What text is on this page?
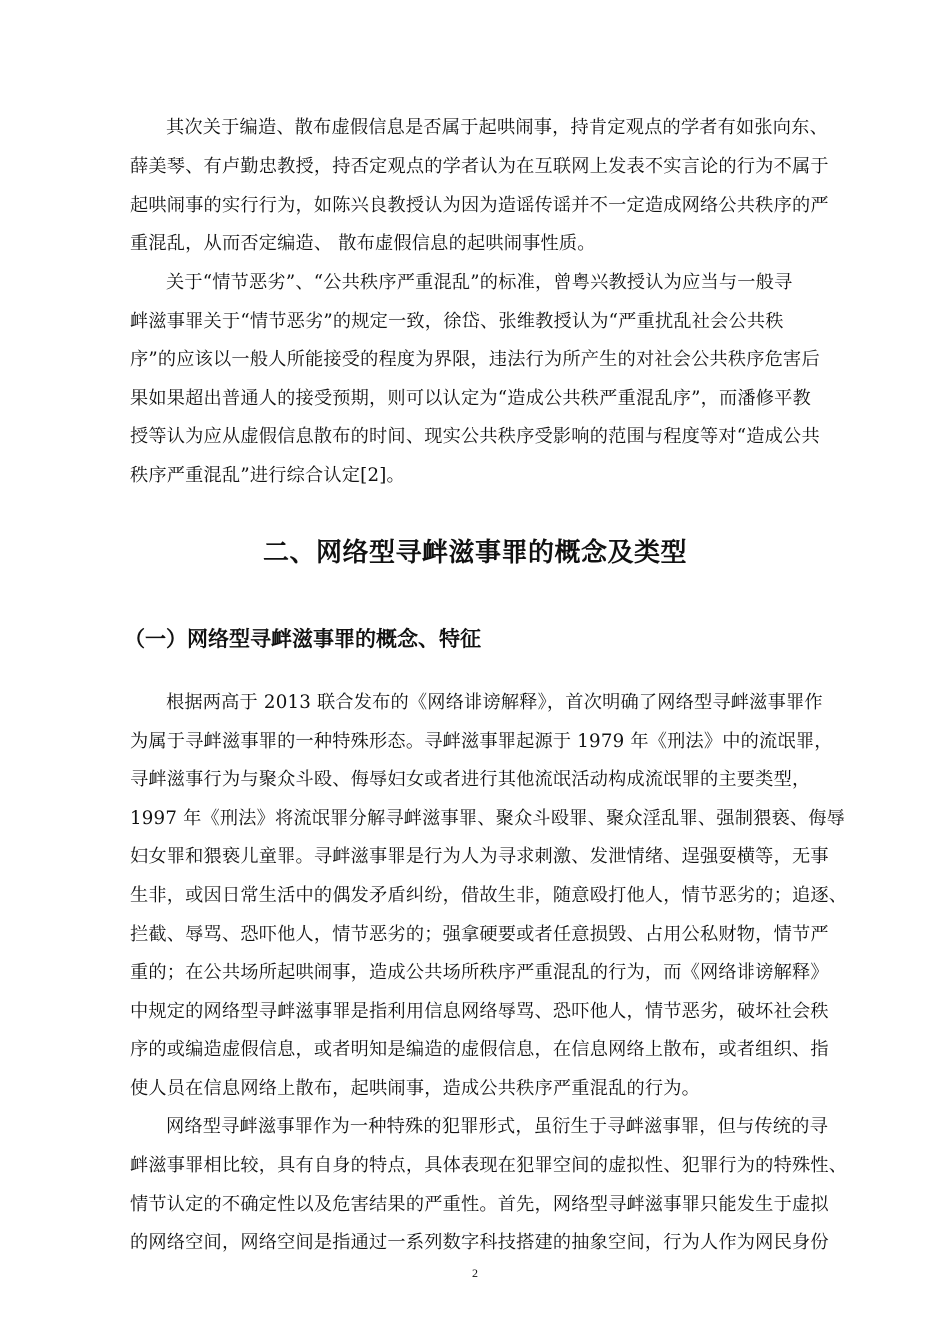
其次关于编造、散布虚假信息是否属于起哄闹事，持肯定观点的学者有如张向东、
薛美琴、有卢勤忠教授，持否定观点的学者认为在互联网上发表不实言论的行为不属于
起哄闹事的实行行为，如陈兴良教授认为因为造谣传谣并不一定造成网络公共秩序的严
重混乱，从而否定编造、 散布虚假信息的起哄闹事性质。
关于“情节恶劣”、“公共秩序严重混乱”的标准，曾粤兴教授认为应当与一般寻
衅滋事罪关于“情节恶劣”的规定一致，徐岱、张维教授认为“严重扰乱社会公共秩
序”的应该以一般人所能接受的程度为界限，违法行为所产生的对社会公共秩序危害后
果如果超出普通人的接受预期，则可以认定为“造成公共秩严重混乱序”，而潘修平教
授等认为应从虚假信息散布的时间、现实公共秩序受影响的范围与程度等对“造成公共
秩序严重混乱”进行综合认定[2]。
二、网络型寻衅滋事罪的概念及类型
（一）网络型寻衅滋事罪的概念、特征
根据两高于 2013 联合发布的《网络诽谤解释》，首次明确了网络型寻衅滋事罪作
为属于寻衅滋事罪的一种特殊形态。寻衅滋事罪起源于 1979 年《刑法》中的流氓罪，
寻衅滋事行为与聚众斗殴、侮辱妇女或者进行其他流氓活动构成流氓罪的主要类型，
1997 年《刑法》将流氓罪分解寻衅滋事罪、聚众斗殴罪、聚众淫乱罪、强制猥亵、侮辱
妇女罪和猥亵儿童罪。寻衅滋事罪是行为人为寻求刺激、发泄情绪、逞强耍横等，无事
生非，或因日常生活中的偶发矛盾纠纷，借故生非，随意殴打他人，情节恶劣的；追逐、
拦截、辱骂、恐吓他人，情节恶劣的；强拿硬要或者任意损毁、占用公私财物，情节严
重的；在公共场所起哄闹事，造成公共场所秩序严重混乱的行为，而《网络诽谤解释》
中规定的网络型寻衅滋事罪是指利用信息网络辱骂、恐吓他人，情节恶劣，破坏社会秩
序的或编造虚假信息，或者明知是编造的虚假信息，在信息网络上散布，或者组织、指
使人员在信息网络上散布，起哄闹事，造成公共秩序严重混乱的行为。
网络型寻衅滋事罪作为一种特殊的犯罪形式，虽衍生于寻衅滋事罪，但与传统的寻
衅滋事罪相比较，具有自身的特点，具体表现在犯罪空间的虚拟性、犯罪行为的特殊性、
情节认定的不确定性以及危害结果的严重性。首先，网络型寻衅滋事罪只能发生于虚拟
的网络空间，网络空间是指通过一系列数字科技搭建的抽象空间，行为人作为网民身份
2
